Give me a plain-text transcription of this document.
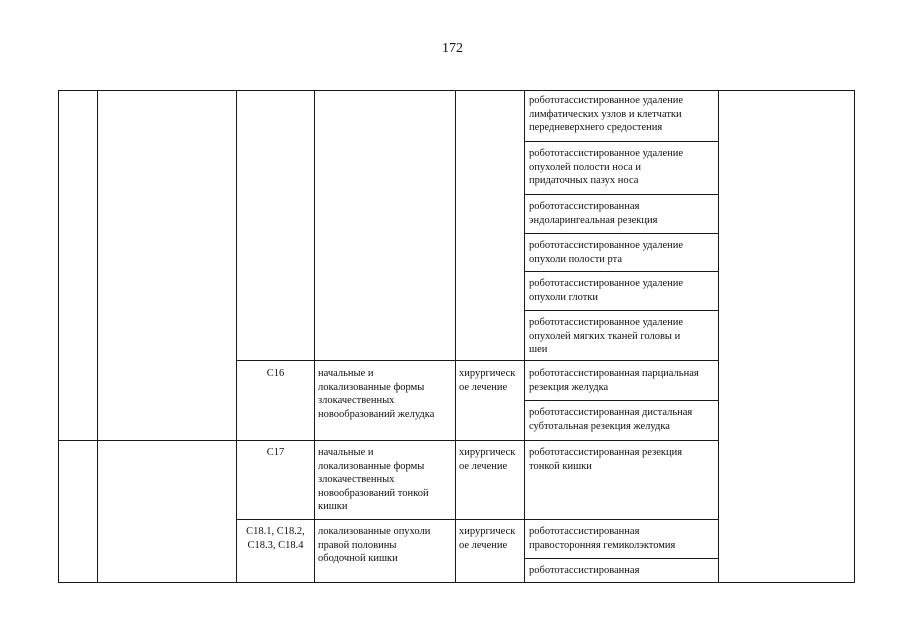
172
робототассистированное удаление
лимфатических узлов и клетчатки
передневерхнего средостения
робототассистированное удаление
опухолей полости носа и
придаточных пазух носа
робототассистированная
эндоларингеальная резекция
робототассистированное удаление
опухоли полости рта
робототассистированное удаление
опухоли глотки
робототассистированное удаление
опухолей мягких тканей головы и
шеи
C16	начальные и
локализованные формы
злокачественных
новообразований желудка
хирургическ
ое лечение
робототассистированная парциальная
резекция желудка
робототассистированная дистальная
субтотальная резекция желудка
C17	начальные и
локализованные формы
злокачественных
новообразований тонкой
кишки
хирургическ
ое лечение
робототассистированная резекция
тонкой кишки
C18.1, C18.2,
C18.3, C18.4
локализованные опухоли
правой половины
ободочной кишки
хирургическ
ое лечение
робототассистированная
правосторонняя гемиколэктомия
робототассистированная
